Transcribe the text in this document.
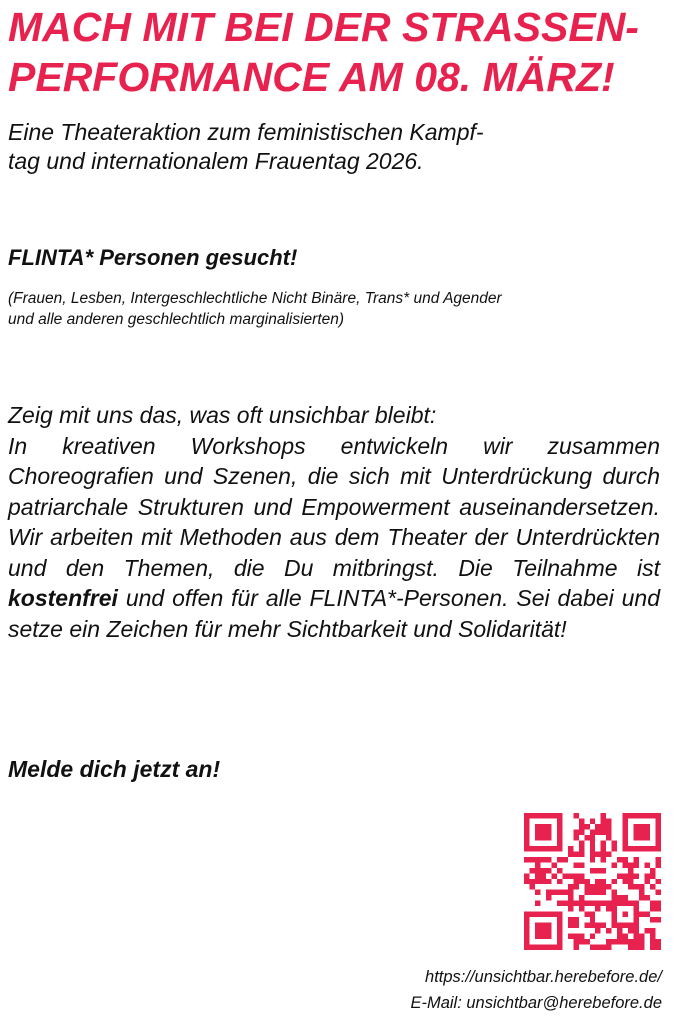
MACH MIT BEI DER STRASSEN-
PERFORMANCE AM 08. MÄRZ!

Eine Theateraktion zum feministischen Kampf-
tag und internationalem Frauentag 2026.

FLINTA* Personen gesucht!

(Frauen, Lesben, Intergeschlechtliche Nicht Binäre, Trans* und Agender
und alle anderen geschlechtlich marginalisierten)

Zeig mit uns das, was oft unsichbar bleibt:
In kreativen Workshops entwickeln wir zusammen Choreografien und Szenen, die sich mit Unterdrückung durch patriarchale Strukturen und Empowerment auseinandersetzen. Wir arbeiten mit Methoden aus dem Theater der Unterdrückten und den Themen, die Du mitbringst. Die Teilnahme ist kostenfrei und offen für alle FLINTA*-Personen. Sei dabei und setze ein Zeichen für mehr Sichtbarkeit und Solidarität!

Melde dich jetzt an!

https://unsichtbar.herebefore.de/
E-Mail: unsichtbar@herebefore.de
